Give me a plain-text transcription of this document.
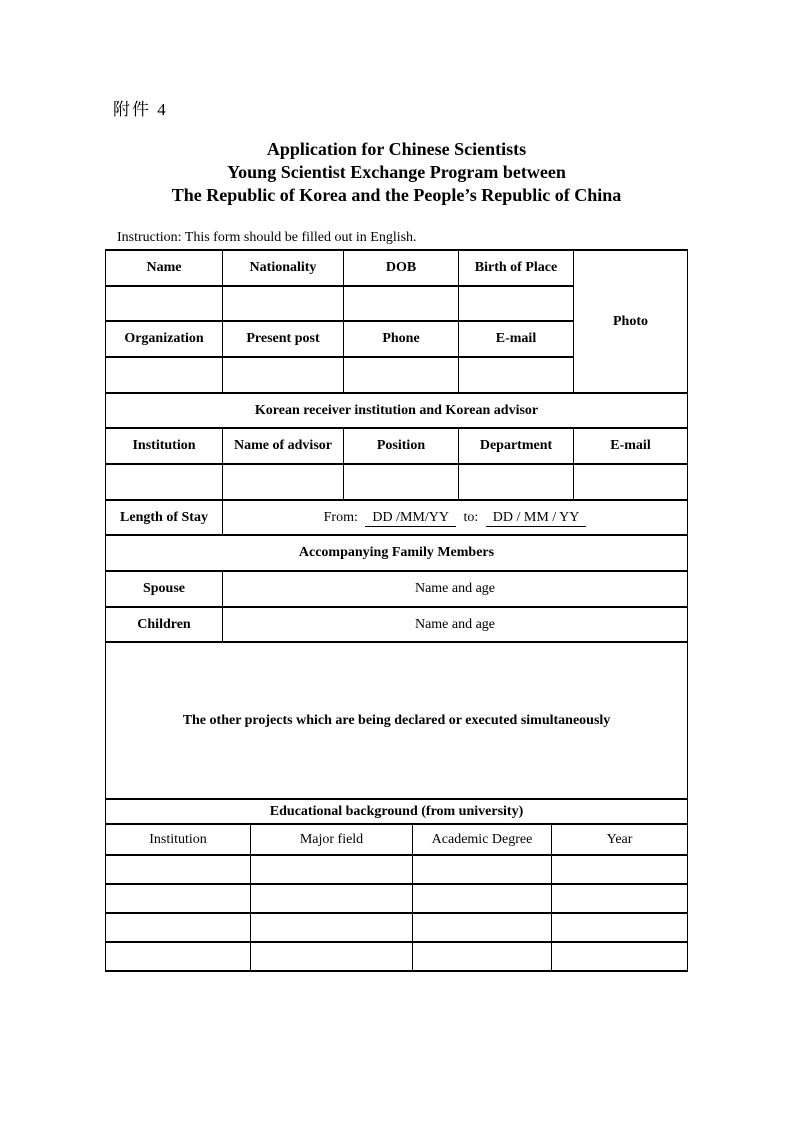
附件 4
Application for Chinese Scientists
Young Scientist Exchange Program between
The Republic of Korea and the People’s Republic of China
Instruction: This form should be filled out in English.
Name	Nationality	DOB	Birth of Place	Photo

Organization	Present post	Phone	E-mail	

Korean receiver institution and Korean advisor				
Institution	Name of advisor	Position	Department	E-mail

Length of Stay	From: DD /MM/YY to: DD / MM / YY			
Accompanying Family Members				
Spouse	Name and age			
Children	Name and age			
The other projects which are being declared or executed simultaneously				
Educational background (from university)			
Institution	Major field	Academic Degree	Year
